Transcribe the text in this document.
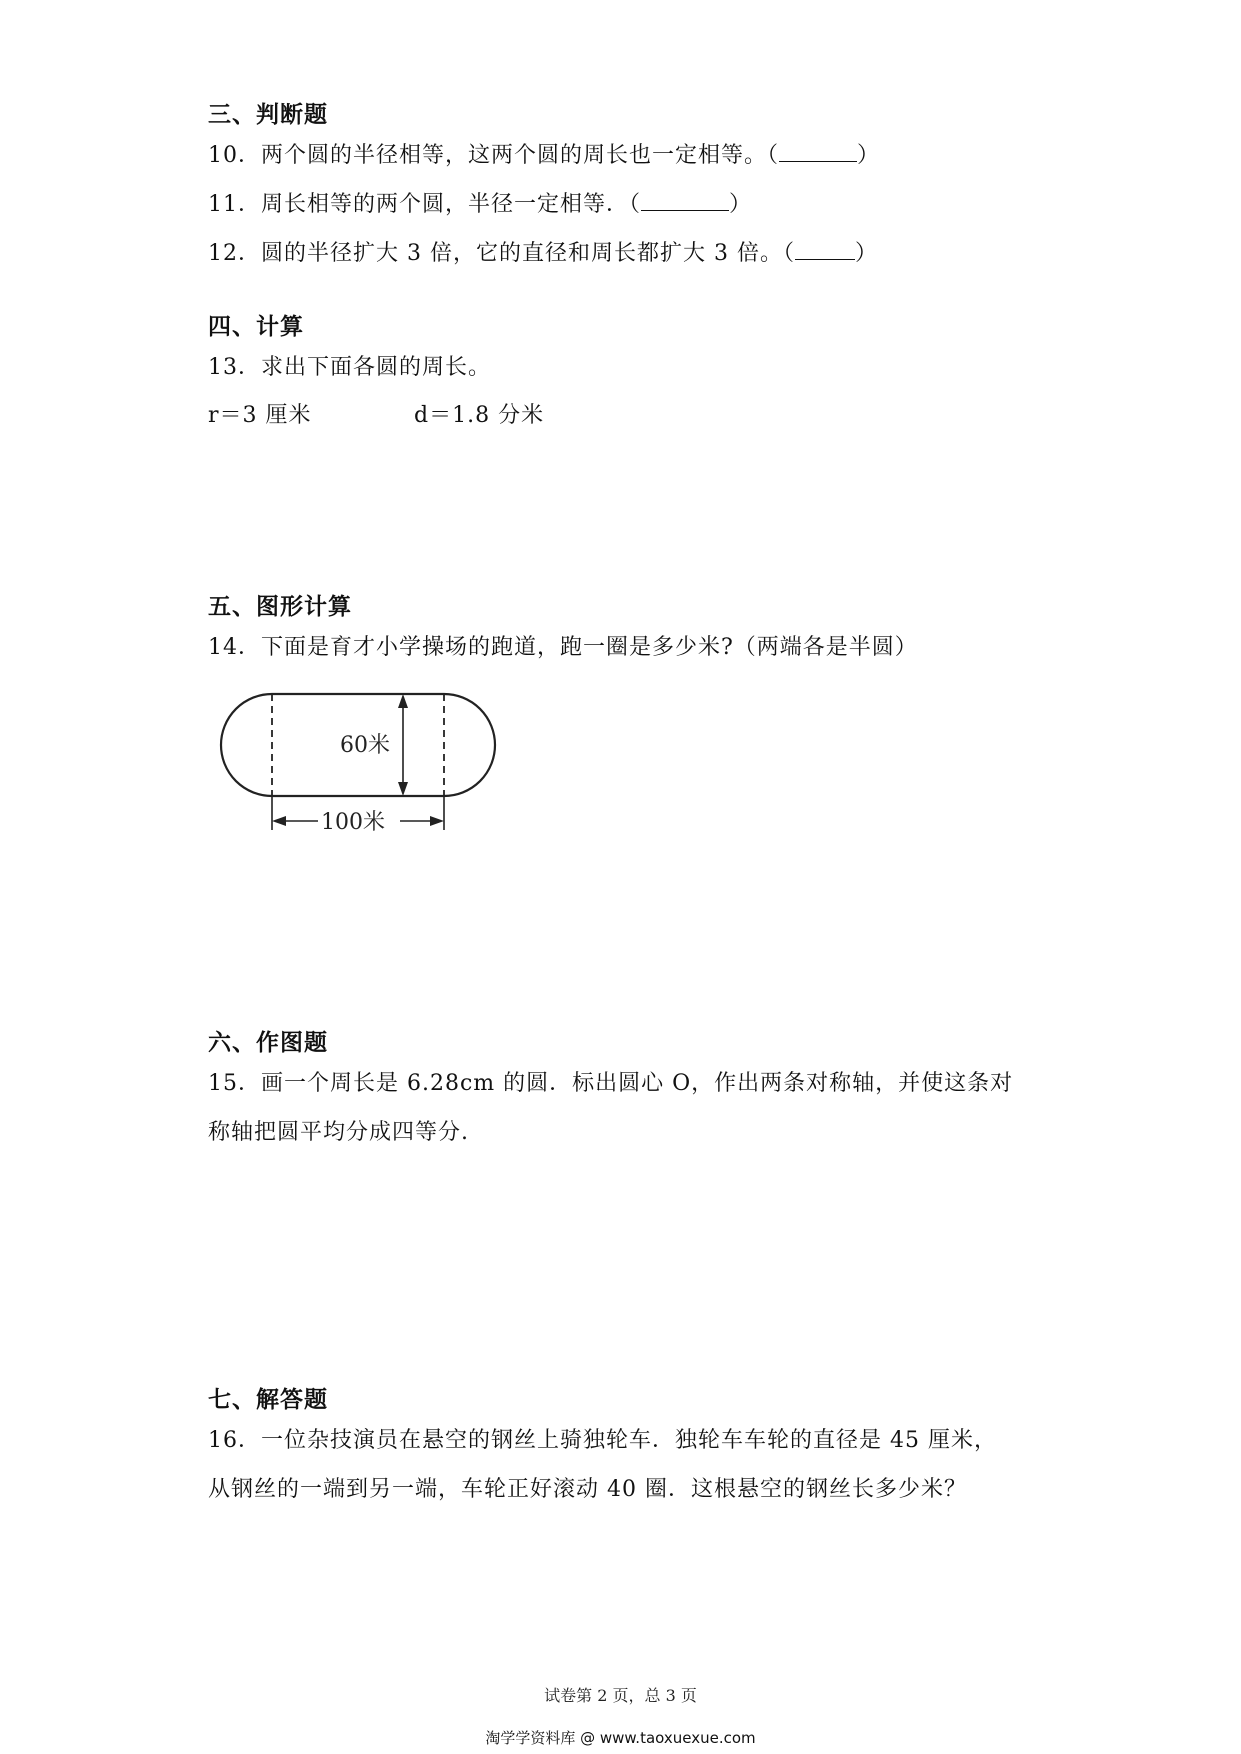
三、判断题
10．两个圆的半径相等，这两个圆的周长也一定相等。（	）
11．周长相等的两个圆，半径一定相等．（	）
12．圆的半径扩大 3 倍，它的直径和周长都扩大 3 倍。（	）
四、计算
13．求出下面各圆的周长。
r＝3 厘米	d＝1.8 分米
五、图形计算
14．下面是育才小学操场的跑道，跑一圈是多少米?（两端各是半圆）
60米
100米
六、作图题
15．画一个周长是 6.28cm 的圆．标出圆心 O，作出两条对称轴，并使这条对
称轴把圆平均分成四等分.
七、解答题
16．一位杂技演员在悬空的钢丝上骑独轮车．独轮车车轮的直径是 45 厘米，
从钢丝的一端到另一端，车轮正好滚动 40 圈．这根悬空的钢丝长多少米？
试卷第 2 页，总 3 页
淘学学资料库 @ www.taoxuexue.com
